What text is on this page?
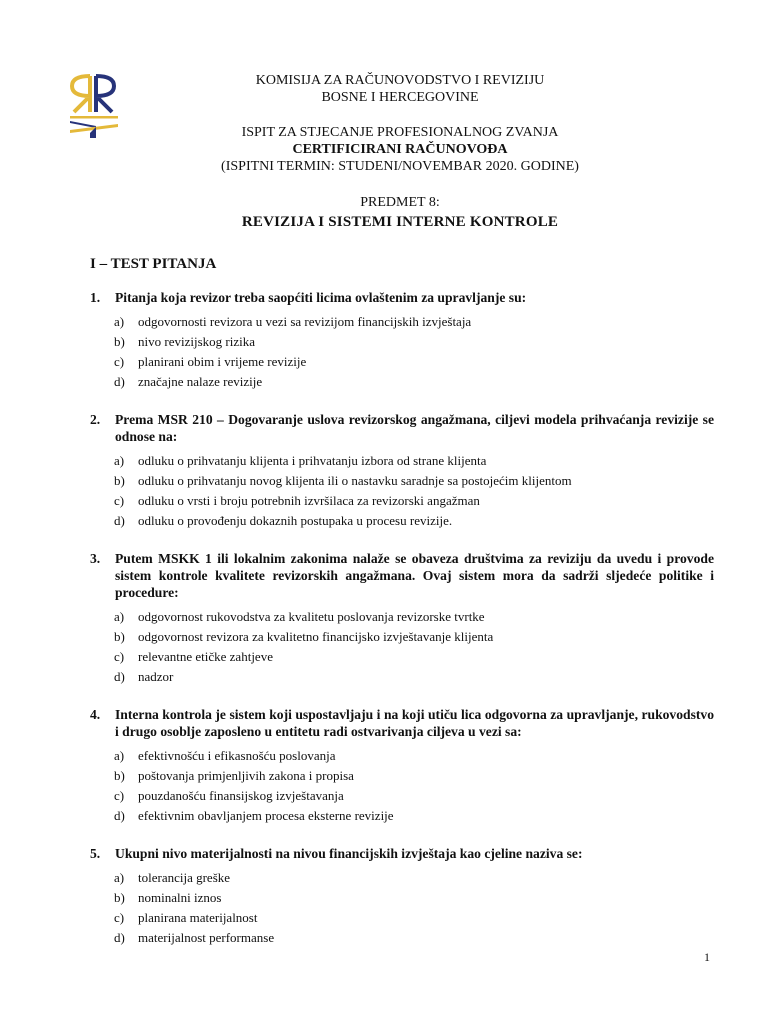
KOMISIJA ZA RAČUNOVODSTVO I REVIZIJU
BOSNE I HERCEGOVINE
ISPIT ZA STJECANJE PROFESIONALNOG ZVANJA
CERTIFICIRANI RAČUNOVOĐA
(ISPITNI TERMIN: STUDENI/NOVEMBAR 2020. GODINE)
PREDMET 8:
REVIZIJA I SISTEMI INTERNE KONTROLE
I – TEST PITANJA
1.	Pitanja koja revizor treba saopćiti licima ovlaštenim za upravljanje su:
a)	odgovornosti revizora u vezi sa revizijom financijskih izvještaja
b)	nivo revizijskog rizika
c)	planirani obim i vrijeme revizije
d)	značajne nalaze revizije
2.	Prema MSR 210 – Dogovaranje uslova revizorskog angažmana, ciljevi modela prihvaćanja revizije se odnose na:
a)	odluku o prihvatanju klijenta i prihvatanju izbora od strane klijenta
b)	odluku o prihvatanju novog klijenta ili o nastavku saradnje sa postojećim klijentom
c)	odluku o vrsti i broju potrebnih izvršilaca za revizorski angažman
d)	odluku o provođenju dokaznih postupaka u procesu revizije.
3.	Putem MSKK 1 ili lokalnim zakonima nalaže se obaveza društvima za reviziju da uvedu i provode sistem kontrole kvalitete revizorskih angažmana. Ovaj sistem mora da sadrži sljedeće politike i procedure:
a)	odgovornost rukovodstva za kvalitetu poslovanja revizorske tvrtke
b)	odgovornost revizora za kvalitetno financijsko izvještavanje klijenta
c)	relevantne etičke zahtjeve
d)	nadzor
4.	Interna kontrola je sistem koji uspostavljaju i na koji utiču lica odgovorna za upravljanje, rukovodstvo i drugo osoblje zaposleno u entitetu radi ostvarivanja ciljeva u vezi sa:
a)	efektivnošću i efikasnošću poslovanja
b)	poštovanja primjenljivih zakona i propisa
c)	pouzdanošću finansijskog izvještavanja
d)	efektivnim obavljanjem procesa eksterne revizije
5.	Ukupni nivo materijalnosti na nivou financijskih izvještaja kao cjeline naziva se:
a)	tolerancija greške
b)	nominalni iznos
c)	planirana materijalnost
d)	materijalnost performanse
1
